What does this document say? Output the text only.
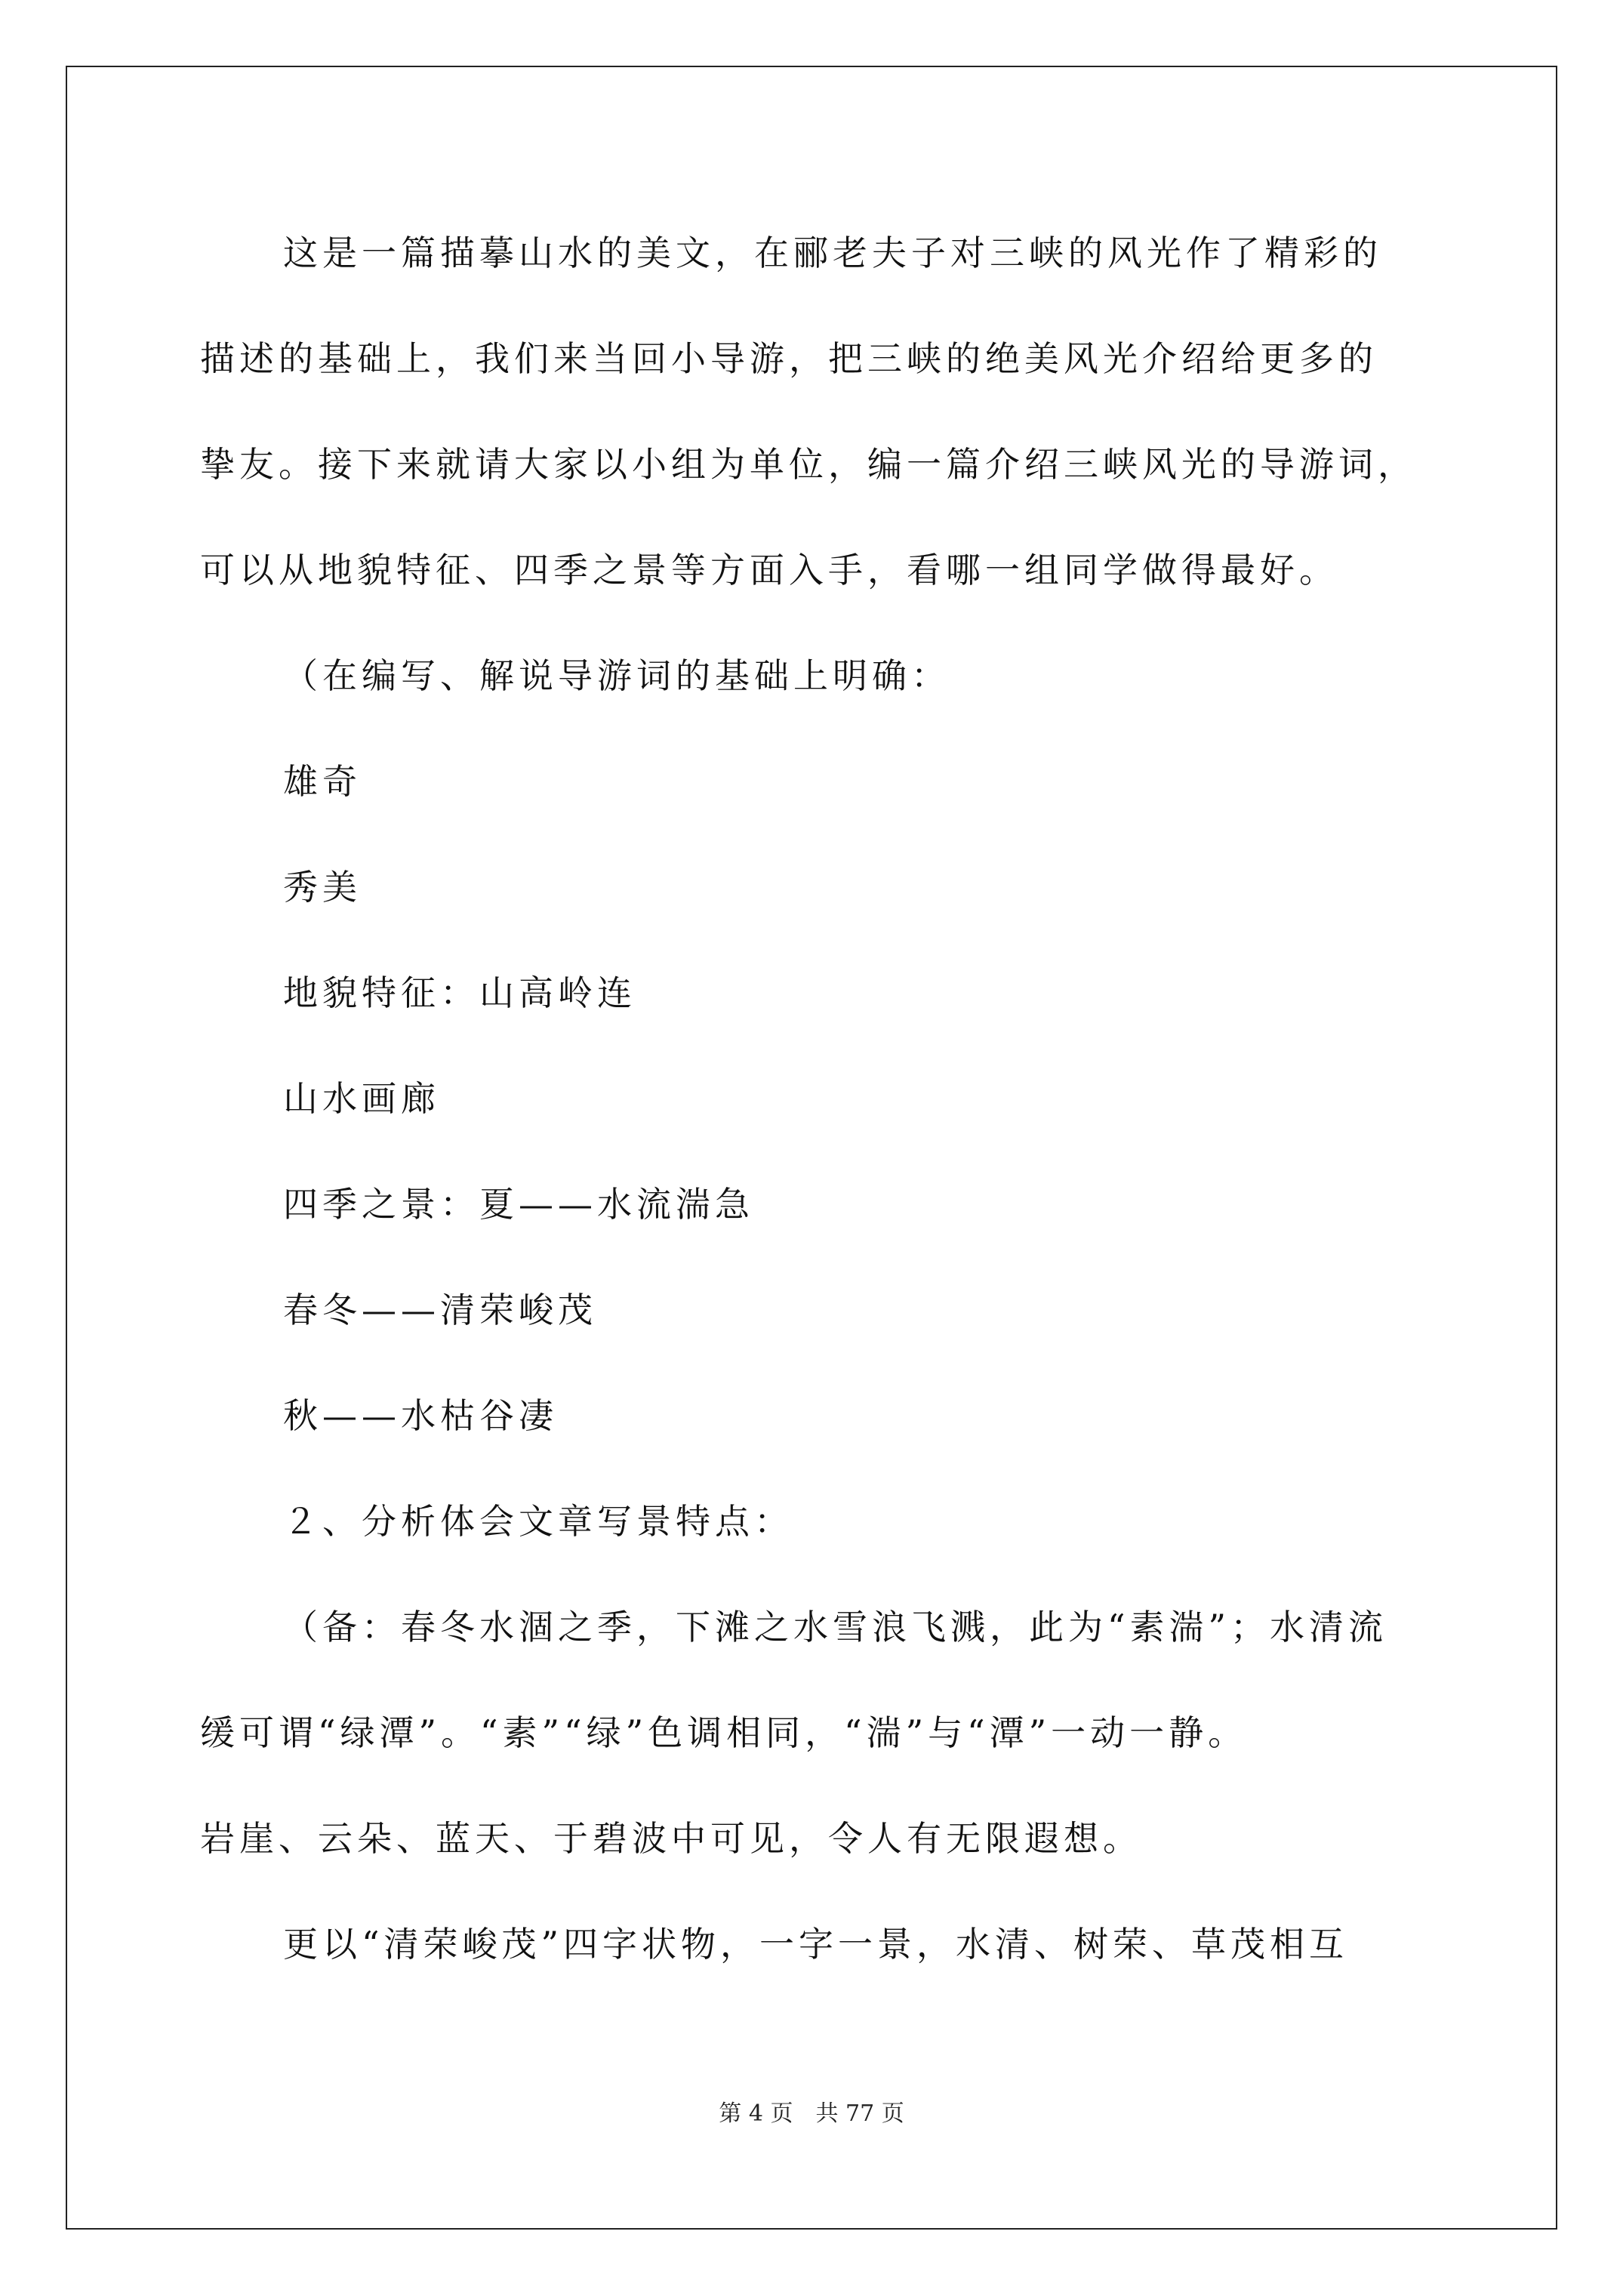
这是一篇描摹山水的美文，在郦老夫子对三峡的风光作了精彩的
描述的基础上，我们来当回小导游，把三峡的绝美风光介绍给更多的
挚友。接下来就请大家以小组为单位，编一篇介绍三峡风光的导游词，
可以从地貌特征、四季之景等方面入手，看哪一组同学做得最好。
（在编写、解说导游词的基础上明确：
雄奇
秀美
地貌特征：山高岭连
山水画廊
四季之景：夏——水流湍急
春冬——清荣峻茂
秋——水枯谷凄
２、分析体会文章写景特点：
（备：春冬水涸之季，下滩之水雪浪飞溅，此为“素湍”；水清流
缓可谓“绿潭”。“素”“绿”色调相同，“湍”与“潭”一动一静。
岩崖、云朵、蓝天、于碧波中可见，令人有无限遐想。
更以“清荣峻茂”四字状物，一字一景，水清、树荣、草茂相互
第 4 页　共 77 页
